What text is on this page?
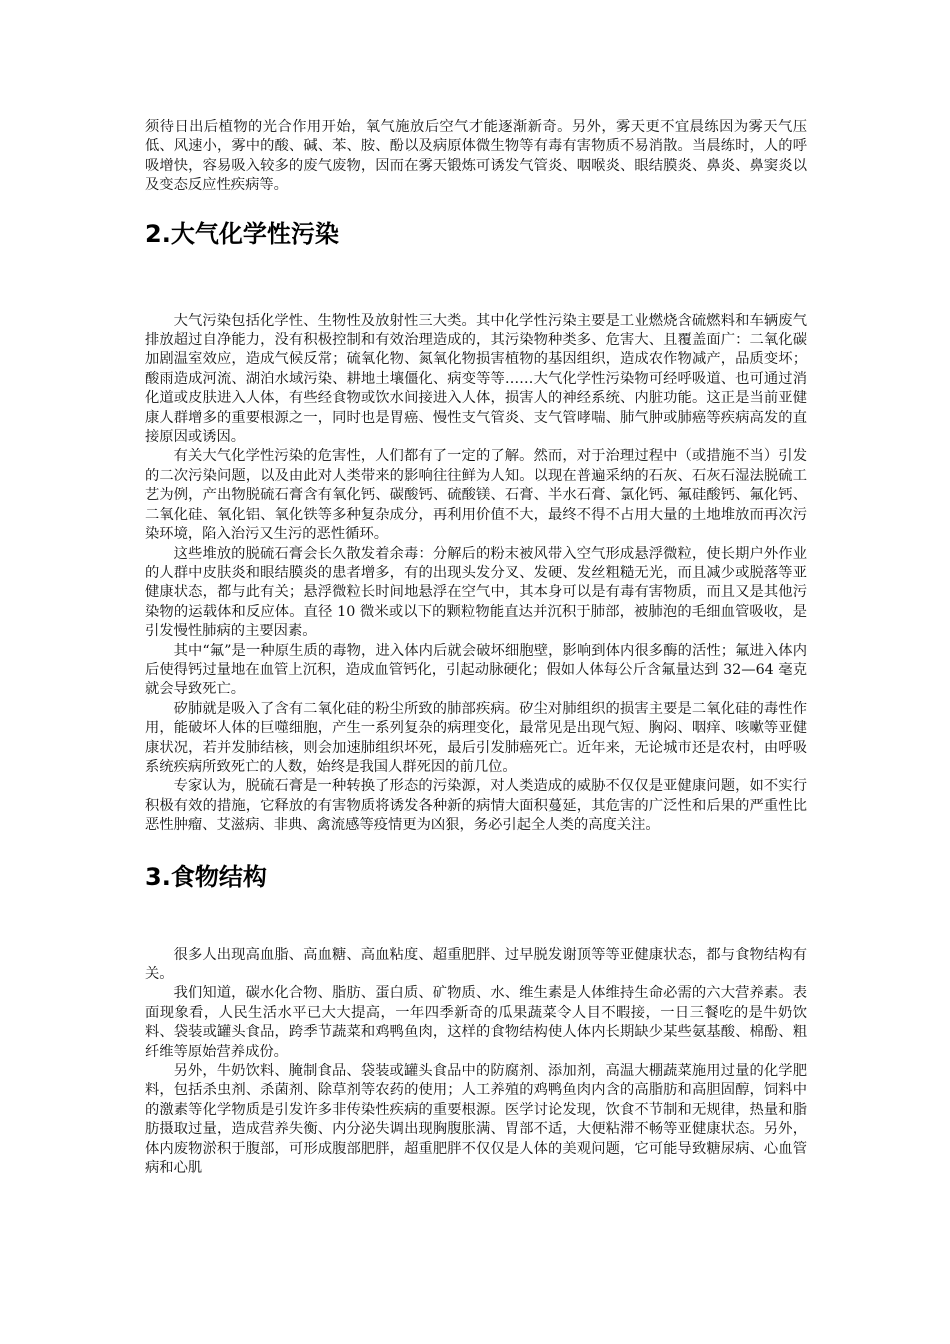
须待日出后植物的光合作用开始，氧气施放后空气才能逐渐新奇。另外，雾天更不宜晨练因为雾天气压低、风速小，雾中的酸、碱、苯、胺、酚以及病原体微生物等有毒有害物质不易消散。当晨练时，人的呼吸增快，容易吸入较多的废气废物，因而在雾天锻炼可诱发气管炎、咽喉炎、眼结膜炎、鼻炎、鼻窦炎以及变态反应性疾病等。

2.大气化学性污染

大气污染包括化学性、生物性及放射性三大类。其中化学性污染主要是工业燃烧含硫燃料和车辆废气排放超过自净能力，没有积极控制和有效治理造成的，其污染物种类多、危害大、且覆盖面广：二氧化碳加剧温室效应，造成气候反常；硫氧化物、氮氧化物损害植物的基因组织，造成农作物减产，品质变坏；酸雨造成河流、湖泊水域污染、耕地土壤僵化、病变等等……大气化学性污染物可经呼吸道、也可通过消化道或皮肤进入人体，有些经食物或饮水间接进入人体，损害人的神经系统、内脏功能。这正是当前亚健康人群增多的重要根源之一，同时也是胃癌、慢性支气管炎、支气管哮喘、肺气肿或肺癌等疾病高发的直接原因或诱因。

有关大气化学性污染的危害性，人们都有了一定的了解。然而，对于治理过程中（或措施不当）引发的二次污染问题，以及由此对人类带来的影响往往鲜为人知。以现在普遍采纳的石灰、石灰石湿法脱硫工艺为例，产出物脱硫石膏含有氧化钙、碳酸钙、硫酸镁、石膏、半水石膏、氯化钙、氟硅酸钙、氟化钙、二氧化硅、氧化铝、氧化铁等多种复杂成分，再利用价值不大，最终不得不占用大量的土地堆放而再次污染环境，陷入治污又生污的恶性循环。

这些堆放的脱硫石膏会长久散发着余毒：分解后的粉末被风带入空气形成悬浮微粒，使长期户外作业的人群中皮肤炎和眼结膜炎的患者增多，有的出现头发分叉、发硬、发丝粗糙无光，而且减少或脱落等亚健康状态，都与此有关；悬浮微粒长时间地悬浮在空气中，其本身可以是有毒有害物质，而且又是其他污染物的运载体和反应体。直径 10 微米或以下的颗粒物能直达并沉积于肺部，被肺泡的毛细血管吸收，是引发慢性肺病的主要因素。

其中“氟”是一种原生质的毒物，进入体内后就会破坏细胞壁，影响到体内很多酶的活性；氟进入体内后使得钙过量地在血管上沉积，造成血管钙化，引起动脉硬化；假如人体每公斤含氟量达到 32—64 毫克就会导致死亡。

矽肺就是吸入了含有二氧化硅的粉尘所致的肺部疾病。矽尘对肺组织的损害主要是二氧化硅的毒性作用，能破坏人体的巨噬细胞，产生一系列复杂的病理变化，最常见是出现气短、胸闷、咽痒、咳嗽等亚健康状况，若并发肺结核，则会加速肺组织坏死，最后引发肺癌死亡。近年来，无论城市还是农村，由呼吸系统疾病所致死亡的人数，始终是我国人群死因的前几位。

专家认为，脱硫石膏是一种转换了形态的污染源，对人类造成的威胁不仅仅是亚健康问题，如不实行积极有效的措施，它释放的有害物质将诱发各种新的病情大面积蔓延，其危害的广泛性和后果的严重性比恶性肿瘤、艾滋病、非典、禽流感等疫情更为凶狠，务必引起全人类的高度关注。

3.食物结构

很多人出现高血脂、高血糖、高血粘度、超重肥胖、过早脱发谢顶等等亚健康状态，都与食物结构有关。

我们知道，碳水化合物、脂肪、蛋白质、矿物质、水、维生素是人体维持生命必需的六大营养素。表面现象看，人民生活水平已大大提高，一年四季新奇的瓜果蔬菜令人目不暇接，一日三餐吃的是牛奶饮料、袋装或罐头食品，跨季节蔬菜和鸡鸭鱼肉，这样的食物结构使人体内长期缺少某些氨基酸、棉酚、粗纤维等原始营养成份。

另外，牛奶饮料、腌制食品、袋装或罐头食品中的防腐剂、添加剂，高温大棚蔬菜施用过量的化学肥料，包括杀虫剂、杀菌剂、除草剂等农药的使用；人工养殖的鸡鸭鱼肉内含的高脂肪和高胆固醇，饲料中的激素等化学物质是引发许多非传染性疾病的重要根源。医学讨论发现，饮食不节制和无规律，热量和脂肪摄取过量，造成营养失衡、内分泌失调出现胸腹胀满、胃部不适，大便粘滞不畅等亚健康状态。另外，体内废物淤积于腹部，可形成腹部肥胖，超重肥胖不仅仅是人体的美观问题，它可能导致糖尿病、心血管病和心肌
